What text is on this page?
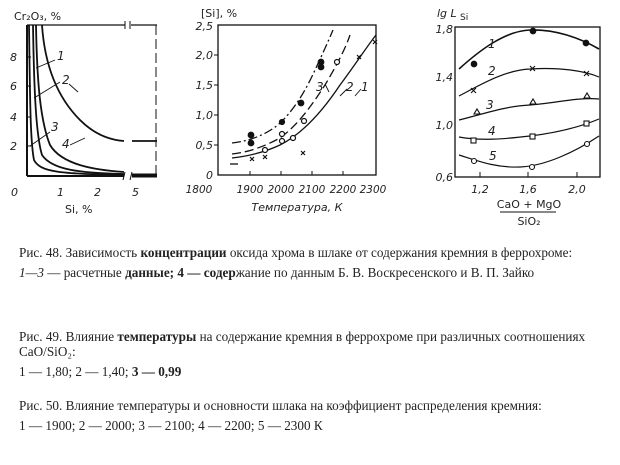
Cr₂O₃, %
8
6
4
2
1
2
3
4
0	1	2	5
Si, %
[Si], %
2,5
2,0
1,5
1,0
0,5
0
1800 1900 2000 2100 2200 2300
Температура, К
3 2 1
lg L Si
1,8
1,4
1,0
0,6
1,2	1,6	2,0
CaO + MgO
SiO₂
1
2
3
4
5

Рис. 48. Зависимость концентрации оксида хрома в шлаке от содержания кремния в феррохроме:

1—3 — расчетные данные; 4 — содержание по данным Б. В. Воскресенского и В. П. Зайко

Рис. 49. Влияние температуры на содержание кремния в феррохроме при различных соотношениях CaO/SiO₂:

1 — 1,80; 2 — 1,40; 3 — 0,99

Рис. 50. Влияние температуры и основности шлака на коэффициент распределения кремния:

1 — 1900; 2 — 2000; 3 — 2100; 4 — 2200; 5 — 2300 К
